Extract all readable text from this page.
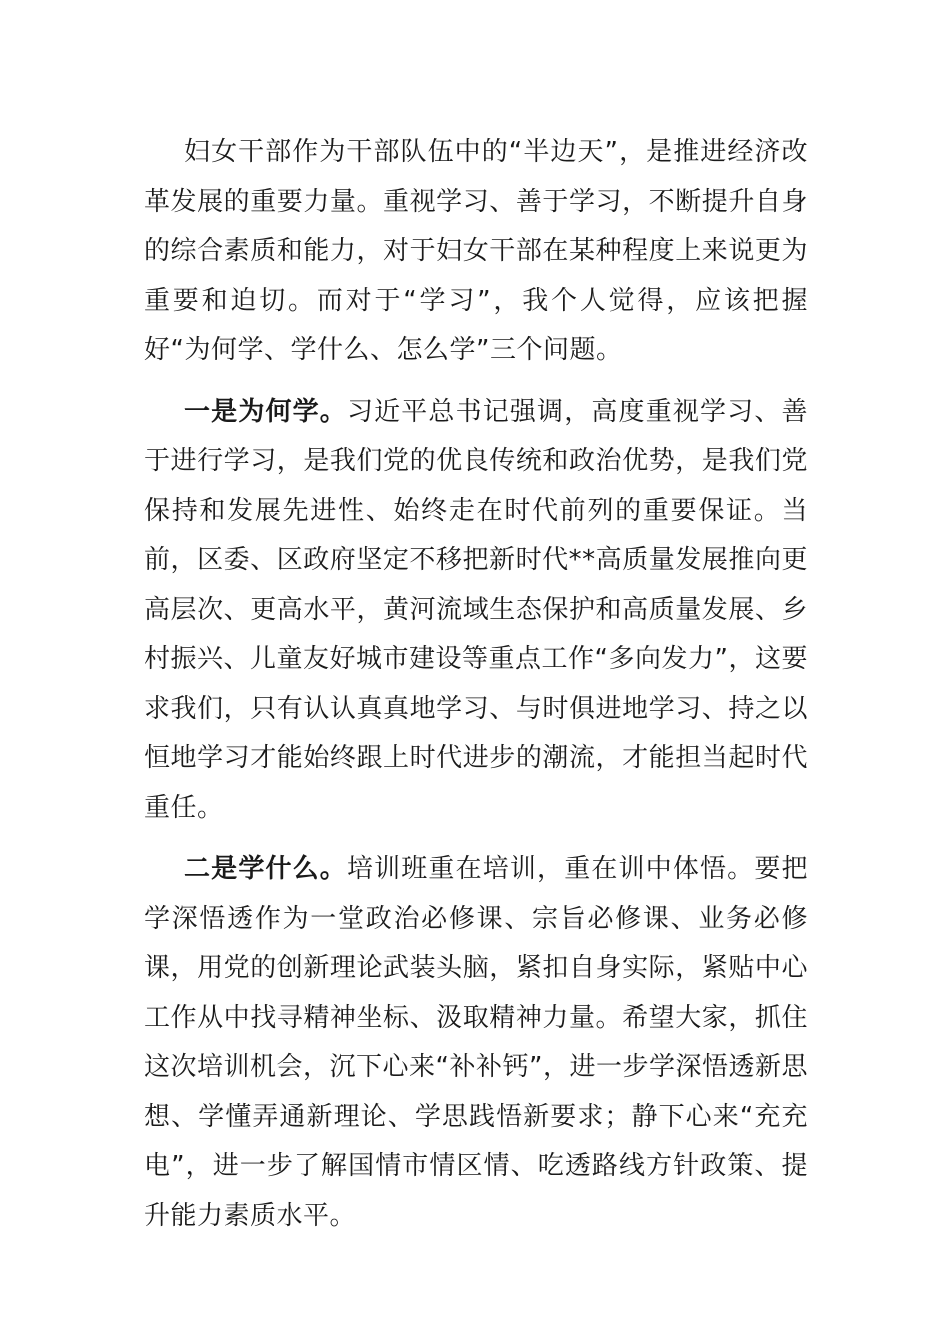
妇女干部作为干部队伍中的“半边天”，是推进经济改革发展的重要力量。重视学习、善于学习，不断提升自身的综合素质和能力，对于妇女干部在某种程度上来说更为重要和迫切。而对于“学习”，我个人觉得，应该把握好“为何学、学什么、怎么学”三个问题。

一是为何学。习近平总书记强调，高度重视学习、善于进行学习，是我们党的优良传统和政治优势，是我们党保持和发展先进性、始终走在时代前列的重要保证。当前，区委、区政府坚定不移把新时代**高质量发展推向更高层次、更高水平，黄河流域生态保护和高质量发展、乡村振兴、儿童友好城市建设等重点工作“多向发力”，这要求我们，只有认认真真地学习、与时俱进地学习、持之以恒地学习才能始终跟上时代进步的潮流，才能担当起时代重任。

二是学什么。培训班重在培训，重在训中体悟。要把学深悟透作为一堂政治必修课、宗旨必修课、业务必修课，用党的创新理论武装头脑，紧扣自身实际，紧贴中心工作从中找寻精神坐标、汲取精神力量。希望大家，抓住这次培训机会，沉下心来“补补钙”，进一步学深悟透新思想、学懂弄通新理论、学思践悟新要求；静下心来“充充电”，进一步了解国情市情区情、吃透路线方针政策、提升能力素质水平。
